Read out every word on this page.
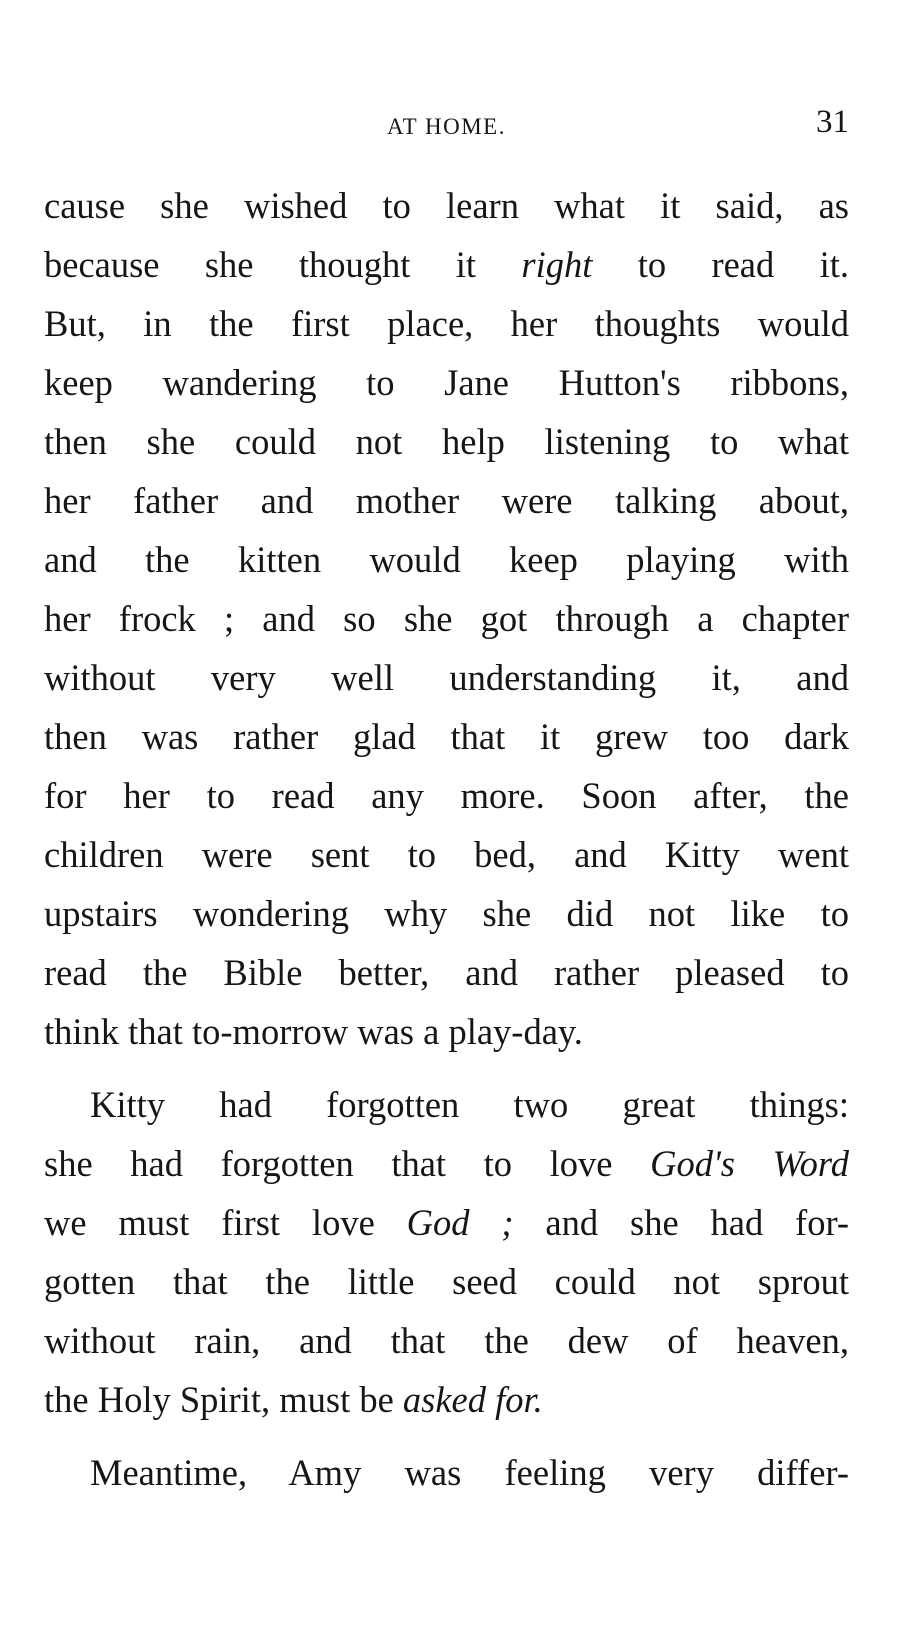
AT HOME.	31
cause she wished to learn what it said, as
because she thought it right to read it.
But, in the first place, her thoughts would
keep wandering to Jane Hutton's ribbons,
then she could not help listening to what
her father and mother were talking about,
and the kitten would keep playing with
her frock ; and so she got through a chapter
without very well understanding it, and
then was rather glad that it grew too dark
for her to read any more. Soon after, the
children were sent to bed, and Kitty went
upstairs wondering why she did not like to
read the Bible better, and rather pleased to
think that to-morrow was a play-day.
Kitty had forgotten two great things:
she had forgotten that to love God's Word
we must first love God ; and she had for-
gotten that the little seed could not sprout
without rain, and that the dew of heaven,
the Holy Spirit, must be asked for.
Meantime, Amy was feeling very differ-
